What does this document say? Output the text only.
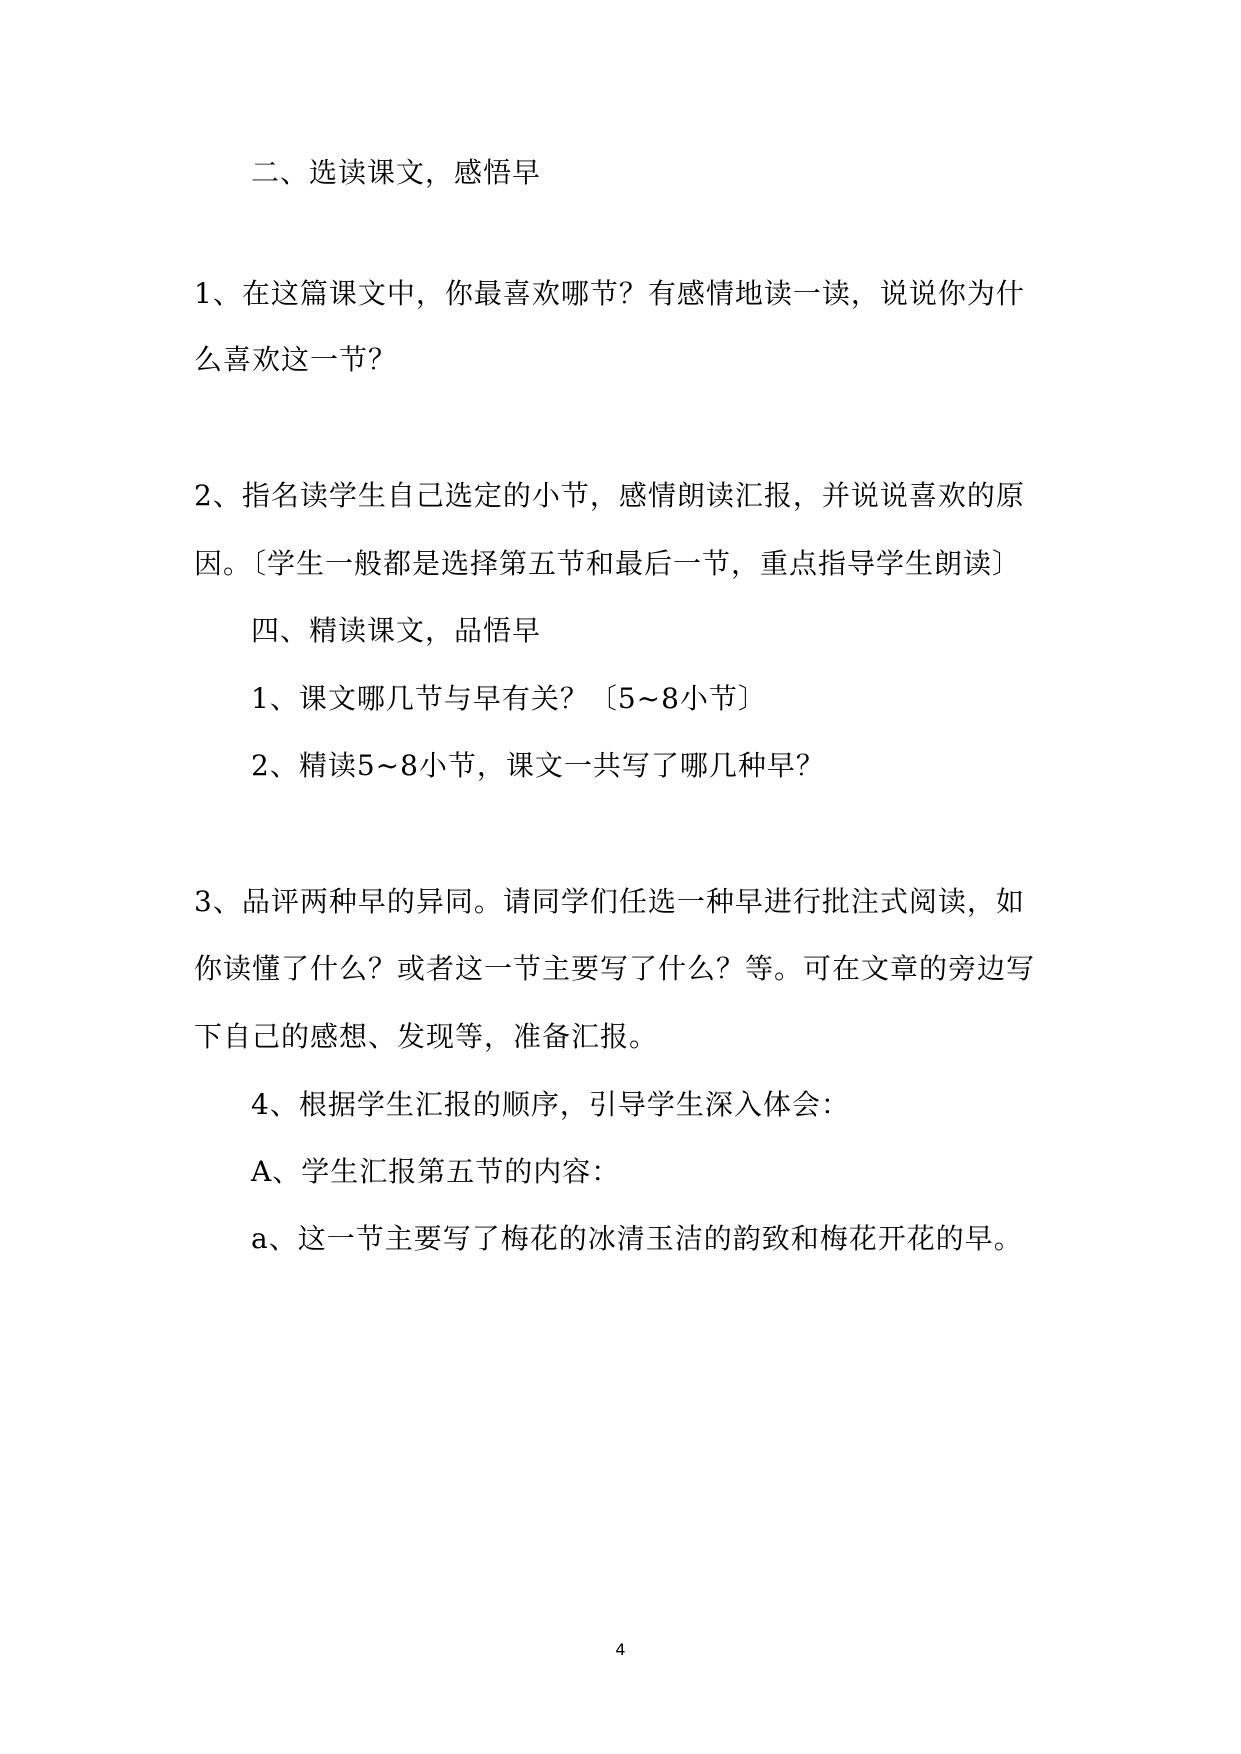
二、选读课文，感悟早
1、在这篇课文中，你最喜欢哪节？有感情地读一读，说说你为什
么喜欢这一节？
2、指名读学生自己选定的小节，感情朗读汇报，并说说喜欢的原
因。〔学生一般都是选择第五节和最后一节，重点指导学生朗读〕
四、精读课文，品悟早
1、课文哪几节与早有关？〔5~8小节〕
2、精读5~8小节，课文一共写了哪几种早？
3、品评两种早的异同。请同学们任选一种早进行批注式阅读，如
你读懂了什么？或者这一节主要写了什么？等。可在文章的旁边写
下自己的感想、发现等，准备汇报。
4、根据学生汇报的顺序，引导学生深入体会：
A、学生汇报第五节的内容：
a、这一节主要写了梅花的冰清玉洁的韵致和梅花开花的早。
4
